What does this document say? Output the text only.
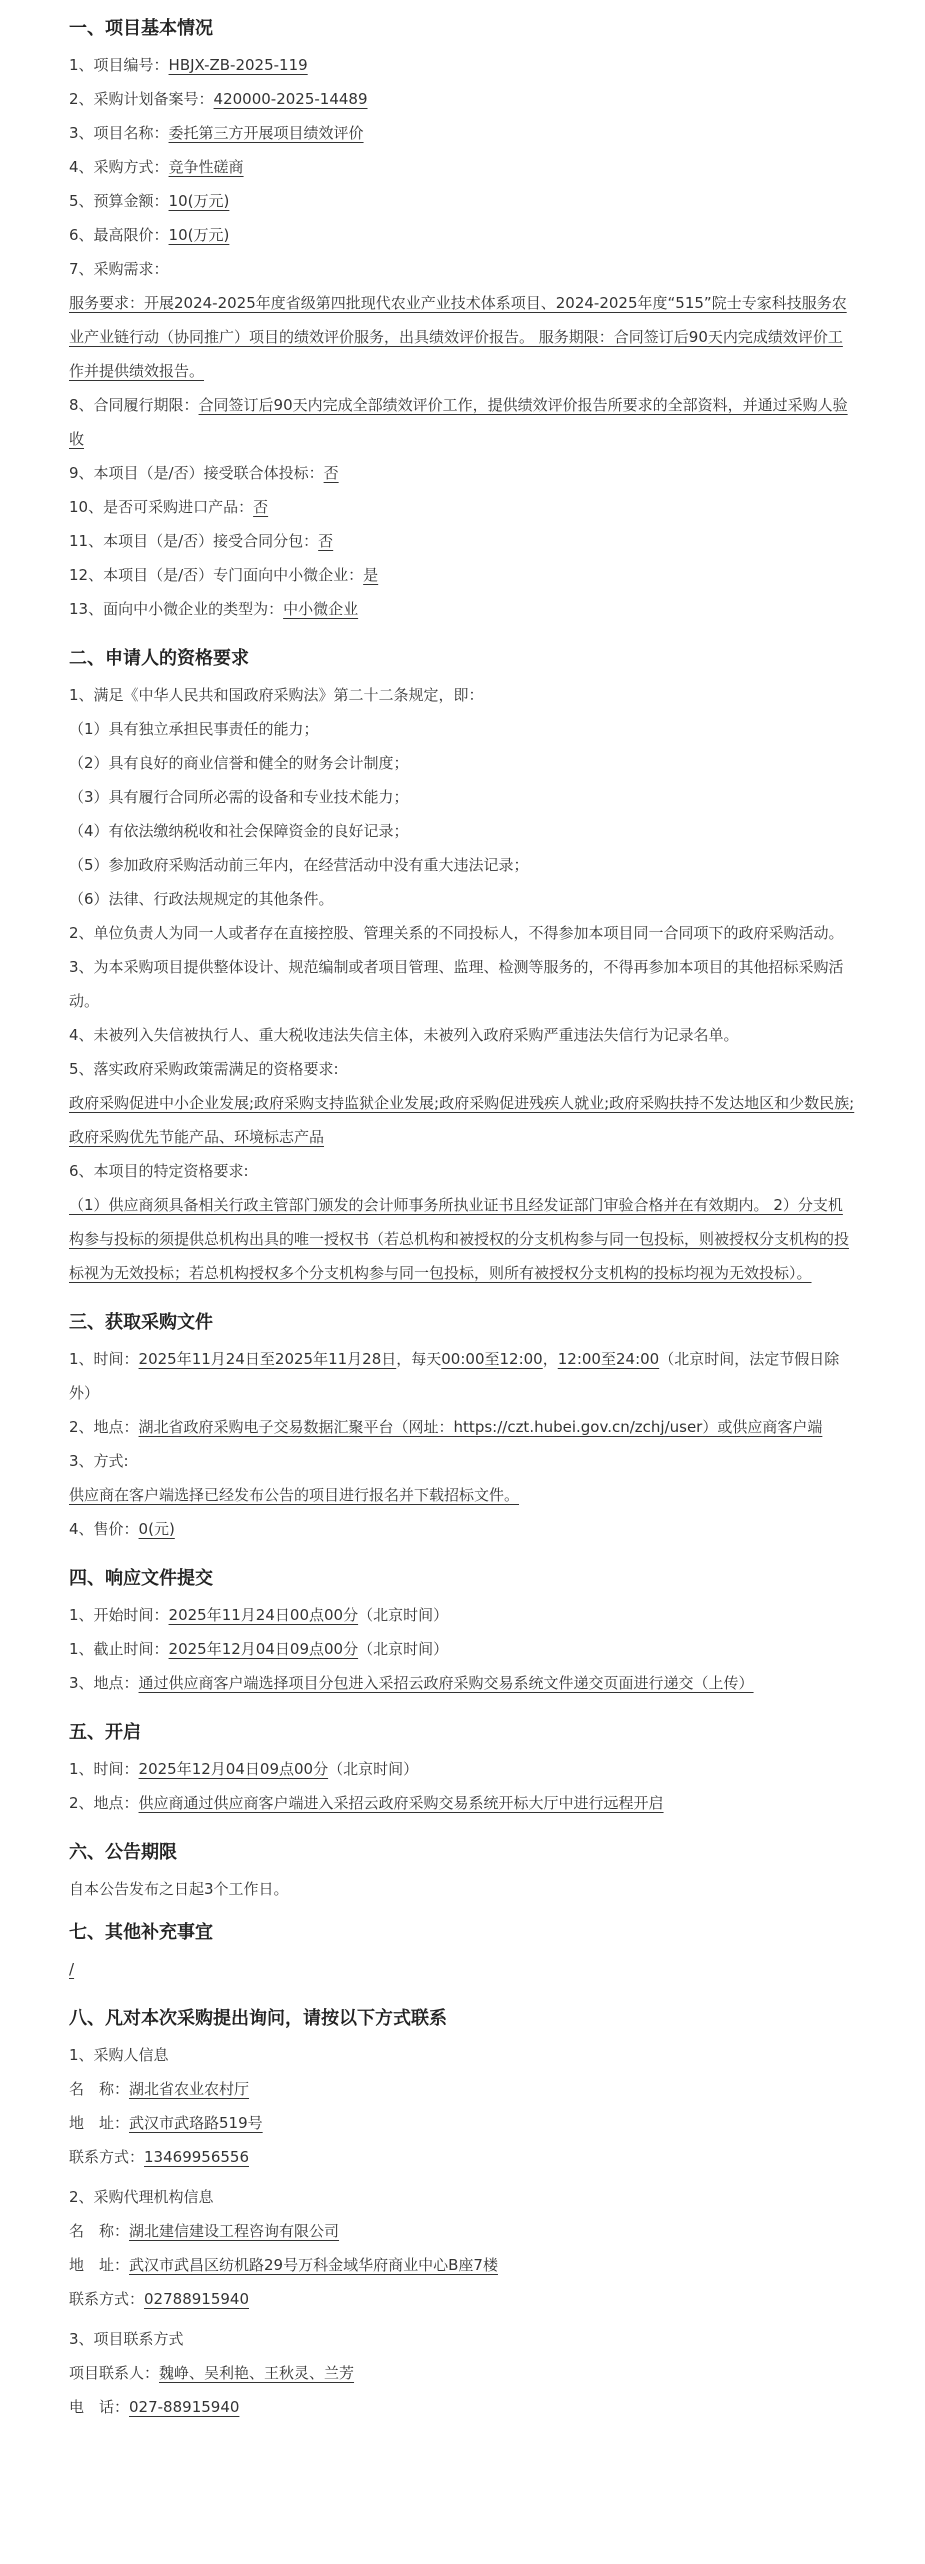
一、项目基本情况

1、项目编号：HBJX-ZB-2025-119

2、采购计划备案号：420000-2025-14489

3、项目名称：委托第三方开展项目绩效评价

4、采购方式：竞争性磋商

5、预算金额：10(万元)

6、最高限价：10(万元)

7、采购需求：

服务要求：开展2024-2025年度省级第四批现代农业产业技术体系项目、2024-2025年度“515”院士专家科技服务农业产业链行动（协同推广）项目的绩效评价服务，出具绩效评价报告。 服务期限：合同签订后90天内完成绩效评价工作并提供绩效报告。

8、合同履行期限：合同签订后90天内完成全部绩效评价工作，提供绩效评价报告所要求的全部资料，并通过采购人验收

9、本项目（是/否）接受联合体投标：否

10、是否可采购进口产品：否

11、本项目（是/否）接受合同分包：否

12、本项目（是/否）专门面向中小微企业：是

13、面向中小微企业的类型为：中小微企业

二、申请人的资格要求

1、满足《中华人民共和国政府采购法》第二十二条规定，即：

（1）具有独立承担民事责任的能力；

（2）具有良好的商业信誉和健全的财务会计制度；

（3）具有履行合同所必需的设备和专业技术能力；

（4）有依法缴纳税收和社会保障资金的良好记录；

（5）参加政府采购活动前三年内，在经营活动中没有重大违法记录；

（6）法律、行政法规规定的其他条件。

2、单位负责人为同一人或者存在直接控股、管理关系的不同投标人，不得参加本项目同一合同项下的政府采购活动。

3、为本采购项目提供整体设计、规范编制或者项目管理、监理、检测等服务的，不得再参加本项目的其他招标采购活动。

4、未被列入失信被执行人、重大税收违法失信主体，未被列入政府采购严重违法失信行为记录名单。

5、落实政府采购政策需满足的资格要求:

政府采购促进中小企业发展;政府采购支持监狱企业发展;政府采购促进残疾人就业;政府采购扶持不发达地区和少数民族;政府采购优先节能产品、环境标志产品

6、本项目的特定资格要求:

（1）供应商须具备相关行政主管部门颁发的会计师事务所执业证书且经发证部门审验合格并在有效期内。 2）分支机构参与投标的须提供总机构出具的唯一授权书（若总机构和被授权的分支机构参与同一包投标，则被授权分支机构的投标视为无效投标；若总机构授权多个分支机构参与同一包投标，则所有被授权分支机构的投标均视为无效投标）。

三、获取采购文件

1、时间：2025年11月24日至2025年11月28日，每天00:00至12:00，12:00至24:00（北京时间，法定节假日除外）

2、地点：湖北省政府采购电子交易数据汇聚平台（网址：https://czt.hubei.gov.cn/zchj/user）或供应商客户端

3、方式:

供应商在客户端选择已经发布公告的项目进行报名并下载招标文件。

4、售价：0(元)

四、响应文件提交

1、开始时间：2025年11月24日00点00分（北京时间）

1、截止时间：2025年12月04日09点00分（北京时间）

3、地点：通过供应商客户端选择项目分包进入采招云政府采购交易系统文件递交页面进行递交（上传）

五、开启

1、时间：2025年12月04日09点00分（北京时间）

2、地点：供应商通过供应商客户端进入采招云政府采购交易系统开标大厅中进行远程开启

六、公告期限

自本公告发布之日起3个工作日。

七、其他补充事宜

/

八、凡对本次采购提出询问，请按以下方式联系

1、采购人信息

名　称：湖北省农业农村厅

地　址：武汉市武珞路519号

联系方式：13469956556

2、采购代理机构信息

名　称：湖北建信建设工程咨询有限公司

地　址：武汉市武昌区纺机路29号万科金域华府商业中心B座7楼

联系方式：02788915940

3、项目联系方式

项目联系人：魏峥、吴利艳、王秋灵、兰芳

电　话：027-88915940
